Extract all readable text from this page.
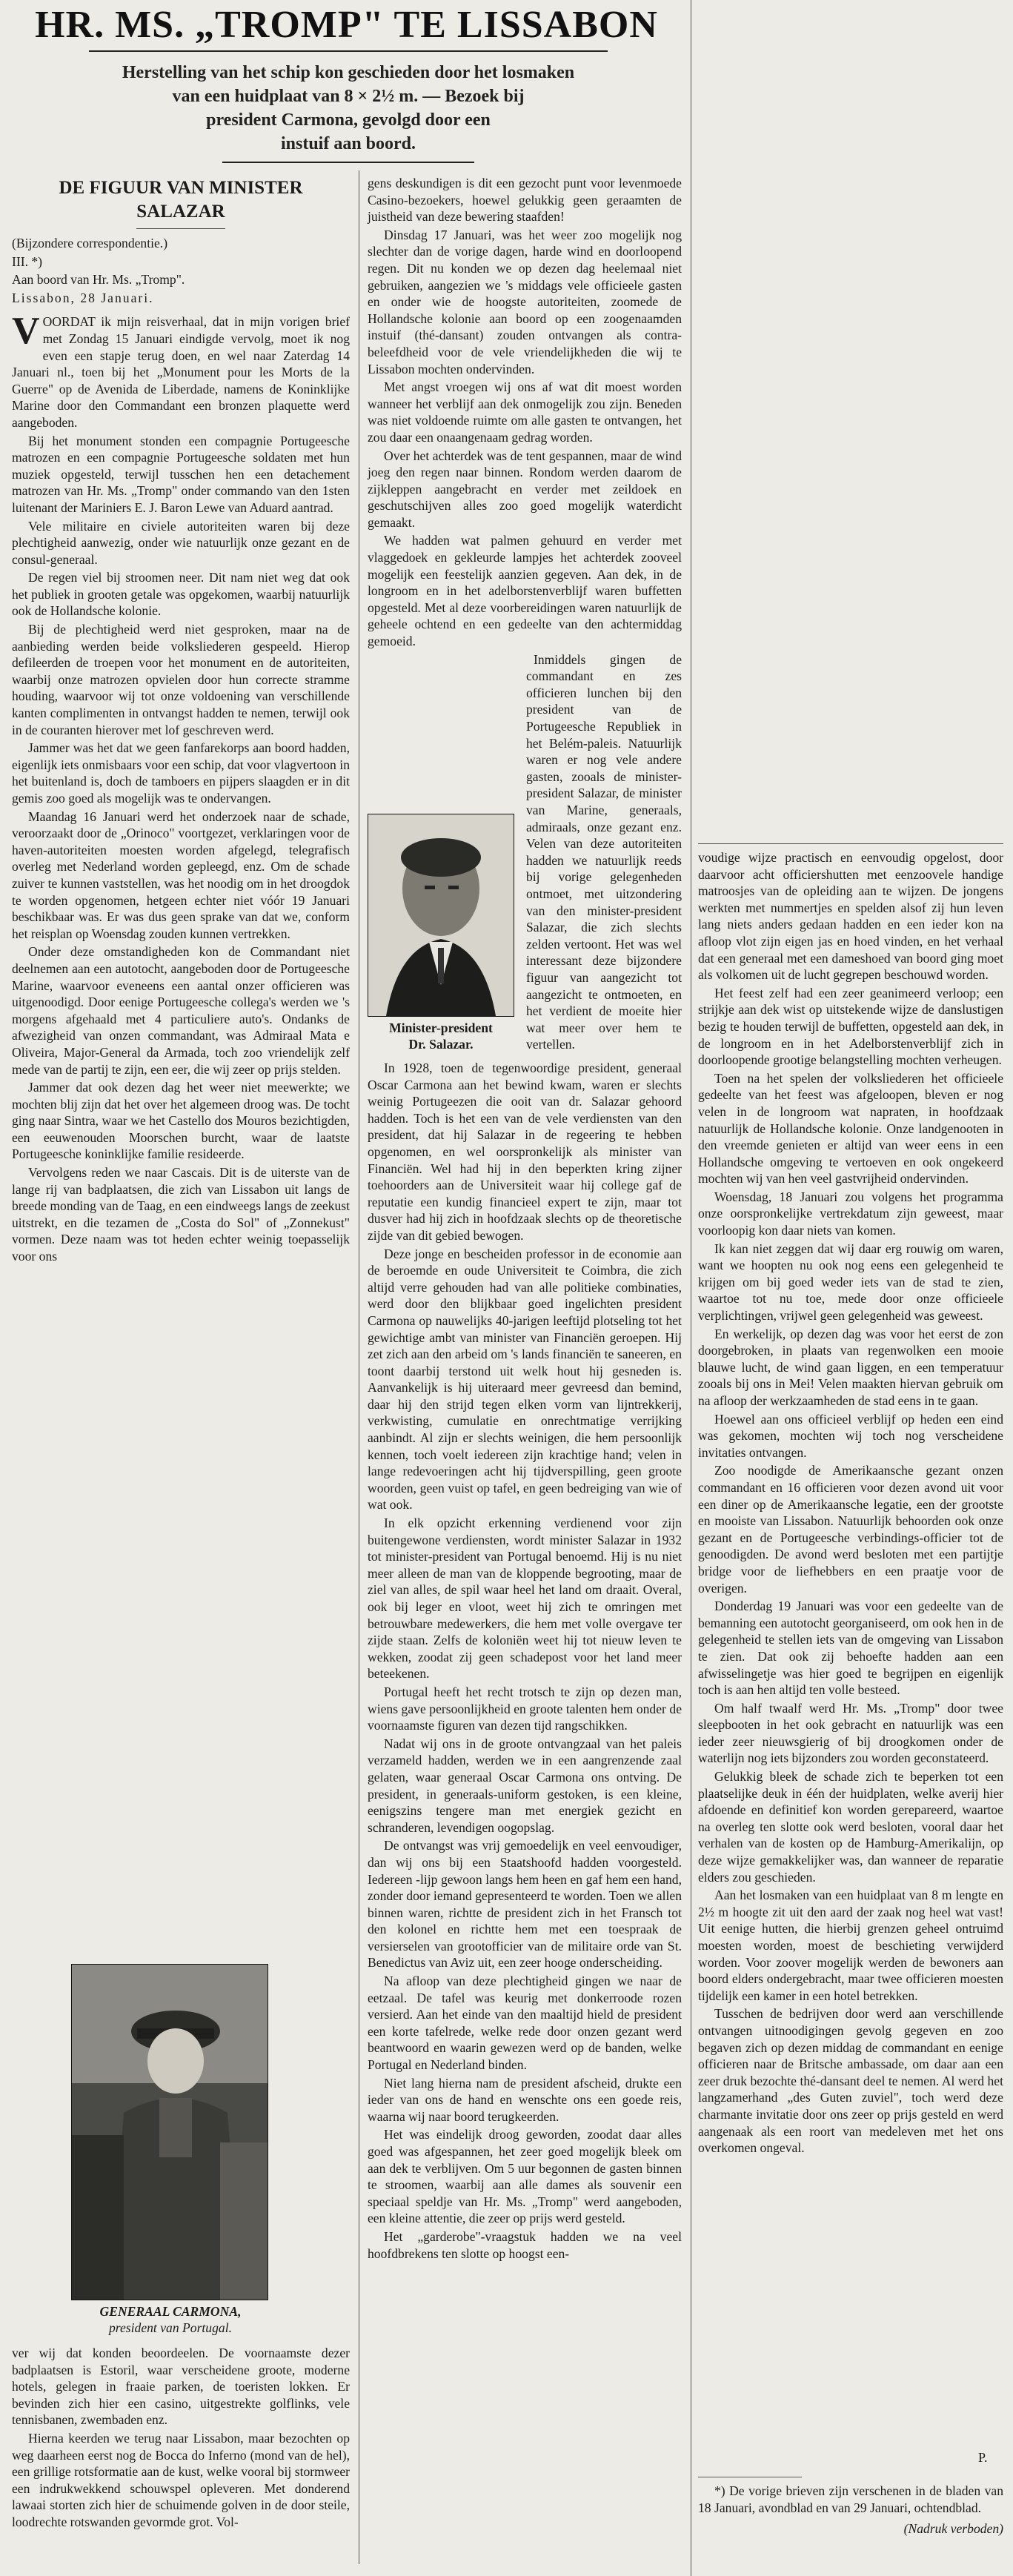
HR. MS. „TROMP" TE LISSABON
Herstelling van het schip kon geschieden door het losmaken
van een huidplaat van 8 × 2½ m. — Bezoek bij
president Carmona, gevolgd door een
instuif aan boord.
DE FIGUUR VAN MINISTER
SALAZAR

(Bijzondere correspondentie.)

III. *)

Aan boord van Hr. Ms. „Tromp".

Lissabon, 28 Januari.

VOORDAT ik mijn reisverhaal, dat in mijn vorigen brief met Zondag 15 Januari eindigde vervolg, moet ik nog even een stapje terug doen, en wel naar Zaterdag 14 Januari nl., toen bij het „Monument pour les Morts de la Guerre" op de Avenida de Liberdade, namens de Koninklijke Marine door den Commandant een bronzen plaquette werd aangeboden.

Bij het monument stonden een compagnie Portugeesche matrozen en een compagnie Portugeesche soldaten met hun muziek opgesteld, terwijl tusschen hen een detachement matrozen van Hr. Ms. „Tromp" onder commando van den 1sten luitenant der Mariniers E. J. Baron Lewe van Aduard aantrad.

Vele militaire en civiele autoriteiten waren bij deze plechtigheid aanwezig, onder wie natuurlijk onze gezant en de consul-generaal.

De regen viel bij stroomen neer. Dit nam niet weg dat ook het publiek in grooten getale was opgekomen, waarbij natuurlijk ook de Hollandsche kolonie.

Bij de plechtigheid werd niet gesproken, maar na de aanbieding werden beide volksliederen gespeeld. Hierop defileerden de troepen voor het monument en de autoriteiten, waarbij onze matrozen opvielen door hun correcte stramme houding, waarvoor wij tot onze voldoening van verschillende kanten complimenten in ontvangst hadden te nemen, terwijl ook in de couranten hierover met lof geschreven werd.

Jammer was het dat we geen fanfarekorps aan boord hadden, eigenlijk iets onmisbaars voor een schip, dat voor vlagvertoon in het buitenland is, doch de tamboers en pijpers slaagden er in dit gemis zoo goed als mogelijk was te ondervangen.

Maandag 16 Januari werd het onderzoek naar de schade, veroorzaakt door de „Orinoco" voortgezet, verklaringen voor de haven-autoriteiten moesten worden afgelegd, telegrafisch overleg met Nederland worden gepleegd, enz. Om de schade zuiver te kunnen vaststellen, was het noodig om in het droogdok te worden opgenomen, hetgeen echter niet vóór 19 Januari beschikbaar was. Er was dus geen sprake van dat we, conform het reisplan op Woensdag zouden kunnen vertrekken.

Onder deze omstandigheden kon de Commandant niet deelnemen aan een autotocht, aangeboden door de Portugeesche Marine, waarvoor eveneens een aantal onzer officieren was uitgenoodigd. Door eenige Portugeesche collega's werden we 's morgens afgehaald met 4 particuliere auto's. Ondanks de afwezigheid van onzen commandant, was Admiraal Mata e Oliveira, Major-General da Armada, toch zoo vriendelijk zelf mede van de partij te zijn, een eer, die wij zeer op prijs stelden.

Jammer dat ook dezen dag het weer niet meewerkte; we mochten blij zijn dat het over het algemeen droog was. De tocht ging naar Sintra, waar we het Castello dos Mouros bezichtigden, een eeuwenouden Moorschen burcht, waar de laatste Portugeesche koninklijke familie resideerde.

Vervolgens reden we naar Cascais. Dit is de uiterste van de lange rij van badplaatsen, die zich van Lissabon uit langs de breede monding van de Taag, en een eindweegs langs de zeekust uitstrekt, en die tezamen de „Costa do Sol" of „Zonnekust" vormen. Deze naam was tot heden echter weinig toepasselijk voor ons

GENERAAL CARMONA,
president van Portugal.

ver wij dat konden beoordeelen. De voornaamste dezer badplaatsen is Estoril, waar verscheidene groote, moderne hotels, gelegen in fraaie parken, de toeristen lokken. Er bevinden zich hier een casino, uitgestrekte golflinks, vele tennisbanen, zwembaden enz.

Hierna keerden we terug naar Lissabon, maar bezochten op weg daarheen eerst nog de Bocca do Inferno (mond van de hel), een grillige rotsformatie aan de kust, welke vooral bij stormweer een indrukwekkend schouwspel opleveren. Met donderend lawaai storten zich hier de schuimende golven in de door steile, loodrechte rotswanden gevormde grot. Vol-

gens deskundigen is dit een gezocht punt voor levenmoede Casino-bezoekers, hoewel gelukkig geen geraamten de juistheid van deze bewering staafden!

Dinsdag 17 Januari, was het weer zoo mogelijk nog slechter dan de vorige dagen, harde wind en doorloopend regen. Dit nu konden we op dezen dag heelemaal niet gebruiken, aangezien we 's middags vele officieele gasten en onder wie de hoogste autoriteiten, zoomede de Hollandsche kolonie aan boord op een zoogenaamden instuif (thé-dansant) zouden ontvangen als contra-beleefdheid voor de vele vriendelijkheden die wij te Lissabon mochten ondervinden.

Met angst vroegen wij ons af wat dit moest worden wanneer het verblijf aan dek onmogelijk zou zijn. Beneden was niet voldoende ruimte om alle gasten te ontvangen, het zou daar een onaangenaam gedrag worden.

Over het achterdek was de tent gespannen, maar de wind joeg den regen naar binnen. Rondom werden daarom de zijkleppen aangebracht en verder met zeildoek en geschutschijven alles zoo goed mogelijk waterdicht gemaakt.

We hadden wat palmen gehuurd en verder met vlaggedoek en gekleurde lampjes het achterdek zooveel mogelijk een feestelijk aanzien gegeven. Aan dek, in de longroom en in het adelborstenverblijf waren buffetten opgesteld. Met al deze voorbereidingen waren natuurlijk de geheele ochtend en een gedeelte van den achtermiddag gemoeid.

Inmiddels gingen de commandant en zes officieren lunchen bij den president van de Portugeesche Republiek in het Belém-paleis. Natuurlijk waren er nog vele andere gasten, zooals de minister-president Salazar, de minister van Marine, generaals, admiraals, onze gezant enz. Velen van deze autoriteiten hadden we natuurlijk reeds bij vorige gelegenheden ontmoet, met uitzondering van den minister-president Salazar, die zich slechts zelden vertoont. Het was wel interessant deze bijzondere figuur van aangezicht tot aangezicht te ontmoeten, en het verdient de moeite hier wat meer over hem te vertellen.

Minister-president
Dr. Salazar.

In 1928, toen de tegenwoordige president, generaal Oscar Carmona aan het bewind kwam, waren er slechts weinig Portugeezen die ooit van dr. Salazar gehoord hadden. Toch is het een van de vele verdiensten van den president, dat hij Salazar in de regeering te hebben opgenomen, en wel oorspronkelijk als minister van Financiën. Wel had hij in den beperkten kring zijner toehoorders aan de Universiteit waar hij college gaf de reputatie een kundig financieel expert te zijn, maar tot dusver had hij zich in hoofdzaak slechts op de theoretische zijde van dit gebied bewogen.

Deze jonge en bescheiden professor in de economie aan de beroemde en oude Universiteit te Coimbra, die zich altijd verre gehouden had van alle politieke combinaties, werd door den blijkbaar goed ingelichten president Carmona op nauwelijks 40-jarigen leeftijd plotseling tot het gewichtige ambt van minister van Financiën geroepen. Hij zet zich aan den arbeid om 's lands financiën te saneeren, en toont daarbij terstond uit welk hout hij gesneden is. Aanvankelijk is hij uiteraard meer gevreesd dan bemind, daar hij den strijd tegen elken vorm van lijntrekkerij, verkwisting, cumulatie en onrechtmatige verrijking aanbindt. Al zijn er slechts weinigen, die hem persoonlijk kennen, toch voelt iedereen zijn krachtige hand; velen in lange redevoeringen acht hij tijdverspilling, geen groote woorden, geen vuist op tafel, en geen bedreiging van wie of wat ook.

In elk opzicht erkenning verdienend voor zijn buitengewone verdiensten, wordt minister Salazar in 1932 tot minister-president van Portugal benoemd. Hij is nu niet meer alleen de man van de kloppende begrooting, maar de ziel van alles, de spil waar heel het land om draait. Overal, ook bij leger en vloot, weet hij zich te omringen met betrouwbare medewerkers, die hem met volle overgave ter zijde staan. Zelfs de koloniën weet hij tot nieuw leven te wekken, zoodat zij geen schadepost voor het land meer beteekenen.

Portugal heeft het recht trotsch te zijn op dezen man, wiens gave persoonlijkheid en groote talenten hem onder de voornaamste figuren van dezen tijd rangschikken.

Nadat wij ons in de groote ontvangzaal van het paleis verzameld hadden, werden we in een aangrenzende zaal gelaten, waar generaal Oscar Carmona ons ontving. De president, in generaals-uniform gestoken, is een kleine, eenigszins tengere man met energiek gezicht en schranderen, levendigen oogopslag.

De ontvangst was vrij gemoedelijk en veel eenvoudiger, dan wij ons bij een Staatshoofd hadden voorgesteld. Iedereen -lijp gewoon langs hem heen en gaf hem een hand, zonder door iemand gepresenteerd te worden. Toen we allen binnen waren, richtte de president zich in het Fransch tot den kolonel en richtte hem met een toespraak de versierselen van grootofficier van de militaire orde van St. Benedictus van Aviz uit, een zeer hooge onderscheiding.

Na afloop van deze plechtigheid gingen we naar de eetzaal. De tafel was keurig met donkerroode rozen versierd. Aan het einde van den maaltijd hield de president een korte tafelrede, welke rede door onzen gezant werd beantwoord en waarin gewezen werd op de banden, welke Portugal en Nederland binden.

Niet lang hierna nam de president afscheid, drukte een ieder van ons de hand en wenschte ons een goede reis, waarna wij naar boord terugkeerden.

Het was eindelijk droog geworden, zoodat daar alles goed was afgespannen, het zeer goed mogelijk bleek om aan dek te verblijven. Om 5 uur begonnen de gasten binnen te stroomen, waarbij aan alle dames als souvenir een speciaal speldje van Hr. Ms. „Tromp" werd aangeboden, een kleine attentie, die zeer op prijs werd gesteld.

Het „garderobe"-vraagstuk hadden we na veel hoofdbrekens ten slotte op hoogst een-

voudige wijze practisch en eenvoudig opgelost, door daarvoor acht officiershutten met eenzoovele handige matroosjes van de opleiding aan te wijzen. De jongens werkten met nummertjes en spelden alsof zij hun leven lang niets anders gedaan hadden en een ieder kon na afloop vlot zijn eigen jas en hoed vinden, en het verhaal dat een generaal met een dameshoed van boord ging moet als volkomen uit de lucht gegrepen beschouwd worden.

Het feest zelf had een zeer geanimeerd verloop; een strijkje aan dek wist op uitstekende wijze de danslustigen bezig te houden terwijl de buffetten, opgesteld aan dek, in de longroom en in het Adelborstenverblijf zich in doorloopende grootige belangstelling mochten verheugen.

Toen na het spelen der volksliederen het officieele gedeelte van het feest was afgeloopen, bleven er nog velen in de longroom wat napraten, in hoofdzaak natuurlijk de Hollandsche kolonie. Onze landgenooten in den vreemde genieten er altijd van weer eens in een Hollandsche omgeving te vertoeven en ook ongekeerd mochten wij van hen veel gastvrijheid ondervinden.

Woensdag, 18 Januari zou volgens het programma onze oorspronkelijke vertrekdatum zijn geweest, maar voorloopig kon daar niets van komen.

Ik kan niet zeggen dat wij daar erg rouwig om waren, want we hoopten nu ook nog eens een gelegenheid te krijgen om bij goed weder iets van de stad te zien, waartoe tot nu toe, mede door onze officieele verplichtingen, vrijwel geen gelegenheid was geweest.

En werkelijk, op dezen dag was voor het eerst de zon doorgebroken, in plaats van regenwolken een mooie blauwe lucht, de wind gaan liggen, en een temperatuur zooals bij ons in Mei! Velen maakten hiervan gebruik om na afloop der werkzaamheden de stad eens in te gaan.

Hoewel aan ons officieel verblijf op heden een eind was gekomen, mochten wij toch nog verscheidene invitaties ontvangen.

Zoo noodigde de Amerikaansche gezant onzen commandant en 16 officieren voor dezen avond uit voor een diner op de Amerikaansche legatie, een der grootste en mooiste van Lissabon. Natuurlijk behoorden ook onze gezant en de Portugeesche verbindings-officier tot de genoodigden. De avond werd besloten met een partijtje bridge voor de liefhebbers en een praatje voor de overigen.

Donderdag 19 Januari was voor een gedeelte van de bemanning een autotocht georganiseerd, om ook hen in de gelegenheid te stellen iets van de omgeving van Lissabon te zien. Dat ook zij behoefte hadden aan een afwisselingetje was hier goed te begrijpen en eigenlijk toch is aan hen altijd ten volle besteed.

Om half twaalf werd Hr. Ms. „Tromp" door twee sleepbooten in het ook gebracht en natuurlijk was een ieder zeer nieuwsgierig of bij droogkomen onder de waterlijn nog iets bijzonders zou worden geconstateerd.

Gelukkig bleek de schade zich te beperken tot een plaatselijke deuk in één der huidplaten, welke averij hier afdoende en definitief kon worden gerepareerd, waartoe na overleg ten slotte ook werd besloten, vooral daar het verhalen van de kosten op de Hamburg-Amerikalijn, op deze wijze gemakkelijker was, dan wanneer de reparatie elders zou geschieden.

Aan het losmaken van een huidplaat van 8 m lengte en 2½ m hoogte zit uit den aard der zaak nog heel wat vast! Uit eenige hutten, die hierbij grenzen geheel ontruimd moesten worden, moest de beschieting verwijderd worden. Voor zoover mogelijk werden de bewoners aan boord elders ondergebracht, maar twee officieren moesten tijdelijk een kamer in een hotel betrekken.

Tusschen de bedrijven door werd aan verschillende ontvangen uitnoodigingen gevolg gegeven en zoo begaven zich op dezen middag de commandant en eenige officieren naar de Britsche ambassade, om daar aan een zeer druk bezochte thé-dansant deel te nemen. Al werd het langzamerhand „des Guten zuviel", toch werd deze charmante invitatie door ons zeer op prijs gesteld en werd aangenaak als een roort van medeleven met het ons overkomen ongeval.

P.

*) De vorige brieven zijn verschenen in de bladen van 18 Januari, avondblad en van 29 Januari, ochtendblad.

(Nadruk verboden)
